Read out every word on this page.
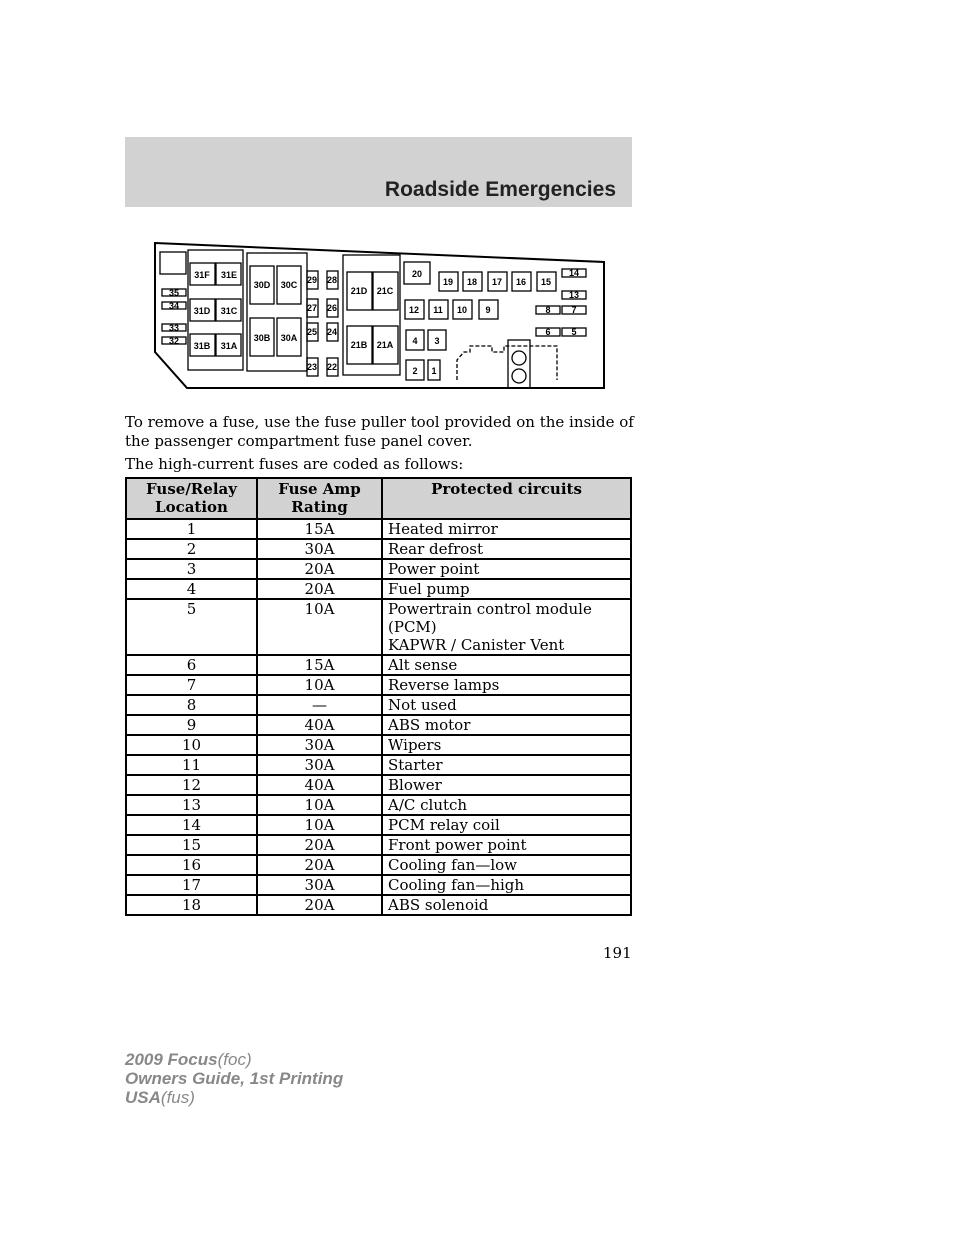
Roadside Emergencies
31F 31E
31D 31C
31B 31A
35
34
33
32
30D 30C
30B 30A
29 28
27 26
25 24
23 22
21D 21C
21B 21A
20
19 18 17 16 15
14
13
12 11 10 9	8 7
6 5
4 3
2 1
To remove a fuse, use the fuse puller tool provided on the inside of the passenger compartment fuse panel cover.
The high-current fuses are coded as follows:
Fuse/Relay Location	Fuse Amp Rating	Protected circuits
1	15A	Heated mirror
2	30A	Rear defrost
3	20A	Power point
4	20A	Fuel pump
5	10A	Powertrain control module (PCM)
KAPWR / Canister Vent

6	15A	Alt sense
7	10A	Reverse lamps
8	—	Not used
9	40A	ABS motor
10	30A	Wipers
11	30A	Starter
12	40A	Blower
13	10A	A/C clutch
14	10A	PCM relay coil
15	20A	Front power point
16	20A	Cooling fan—low
17	30A	Cooling fan—high
18	20A	ABS solenoid
191
2009 Focus(foc)
Owners Guide, 1st Printing
USA(fus)
